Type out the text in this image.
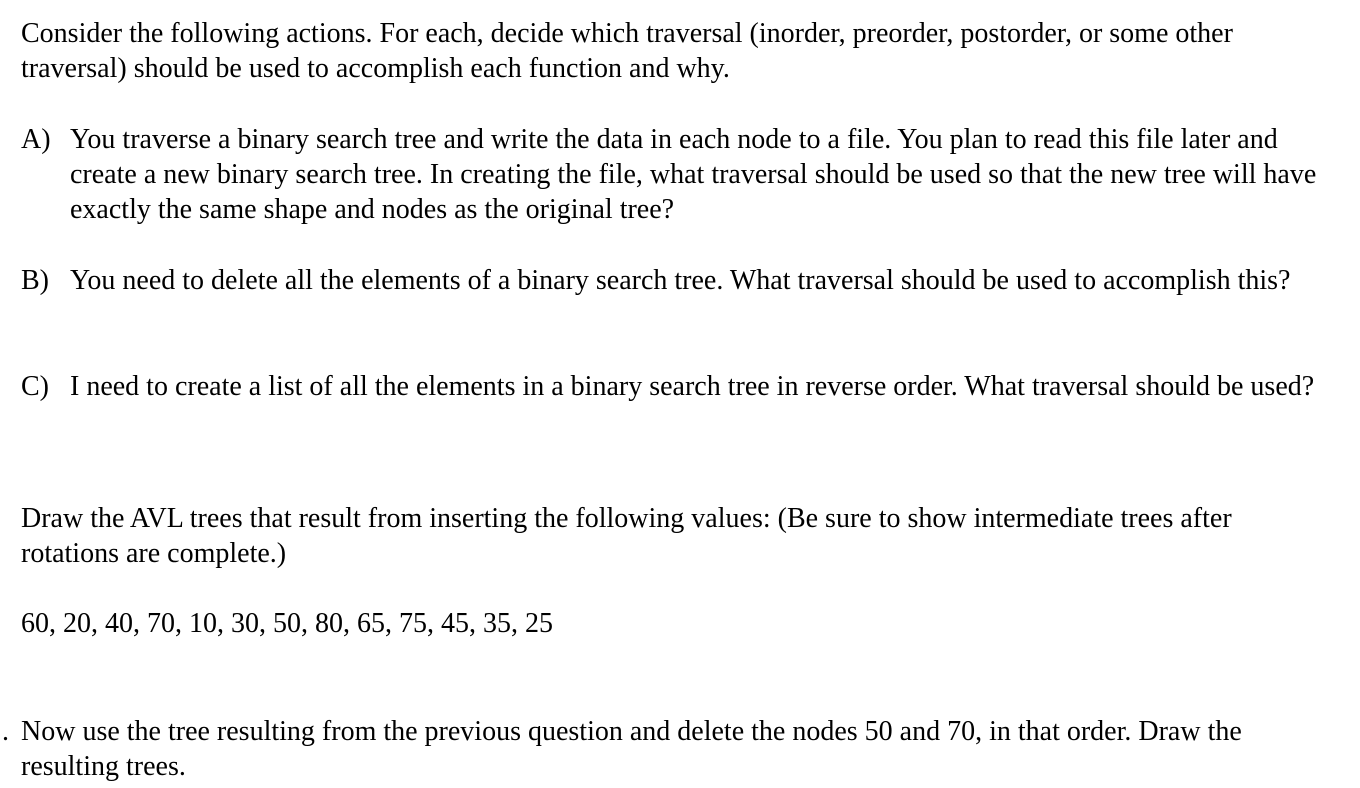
Consider the following actions. For each, decide which traversal (inorder, preorder, postorder, or some other traversal) should be used to accomplish each function and why.

A) You traverse a binary search tree and write the data in each node to a file. You plan to read this file later and create a new binary search tree. In creating the file, what traversal should be used so that the new tree will have exactly the same shape and nodes as the original tree?
B) You need to delete all the elements of a binary search tree. What traversal should be used to accomplish this?
C) I need to create a list of all the elements in a binary search tree in reverse order. What traversal should be used?

Draw the AVL trees that result from inserting the following values: (Be sure to show intermediate trees after rotations are complete.)

60, 20, 40, 70, 10, 30, 50, 80, 65, 75, 45, 35, 25

. Now use the tree resulting from the previous question and delete the nodes 50 and 70, in that order. Draw the resulting trees.
